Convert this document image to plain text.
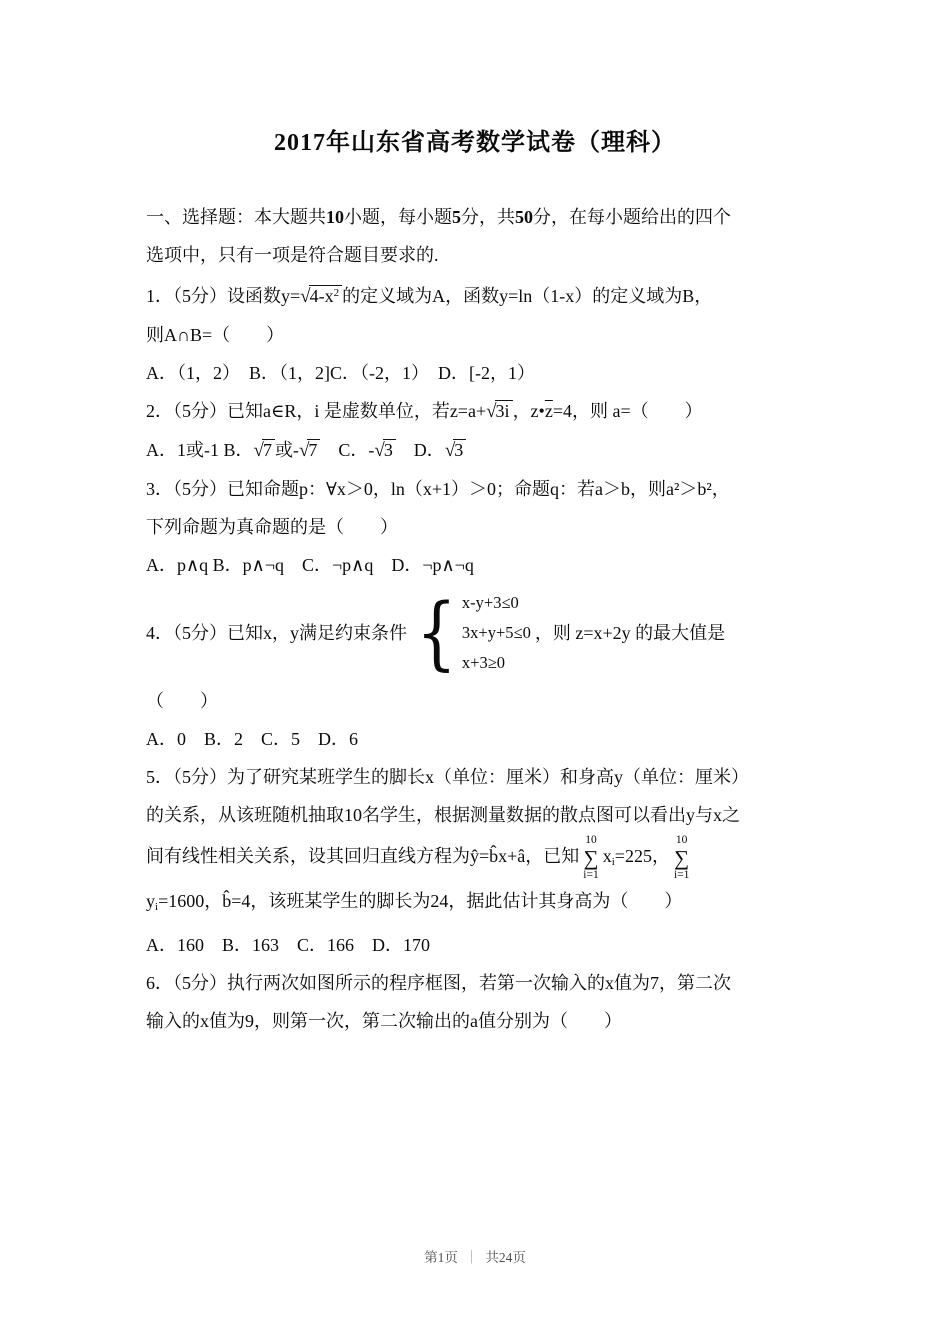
2017年山东省高考数学试卷（理科）

一、选择题：本大题共10小题，每小题5分，共50分，在每小题给出的四个
选项中，只有一项是符合题目要求的.

1．（5分）设函数$y=√4-x^2$ 的定义域为A，函数y=ln（1-x）的定义域为B，
则A∩B=（　　）
A．（1，2）　B．（1，2]C．（-2，1）　D．[-2，1）

2．（5分）已知a∈R，i 是虚数单位，若z=a+√3i ，$z•\overline{z}=4$，则 a=（　　）
A．1或-1 B．√7 或-√7　C．-√3　D．√3

3．（5分）已知命题p：∀x＞0，ln（x+1）＞0；命题q：若a＞b，则a²＞b²，
下列命题为真命题的是（　　）
A．p∧q B．p∧¬q　C．¬p∧q　D．¬p∧¬q

4．（5分）已知x，y满足约束条件 { x-y+3≤0
3x+y+5≤0
x+3≥0
，则 z=x+2y 的最大值是
（　　）
A．0　B．2　C．5　D．6

5．（5分）为了研究某班学生的脚长x（单位：厘米）和身高y（单位：厘米）
的关系，从该班随机抽取10名学生，根据测量数据的散点图可以看出y与x之
间有线性相关关系，设其回归直线方程为ŷ=b̂x+â，已知
10
∑
i=1
$x_i=225$，
10
∑
i=1

$y_i=1600$，b̂=4，该班某学生的脚长为24，据此估计其身高为（　　）
A．160　B．163　C．166　D．170

6．（5分）执行两次如图所示的程序框图，若第一次输入的x值为7，第二次
输入的x值为9，则第一次，第二次输出的a值分别为（　　）

第1页 ｜ 共24页
